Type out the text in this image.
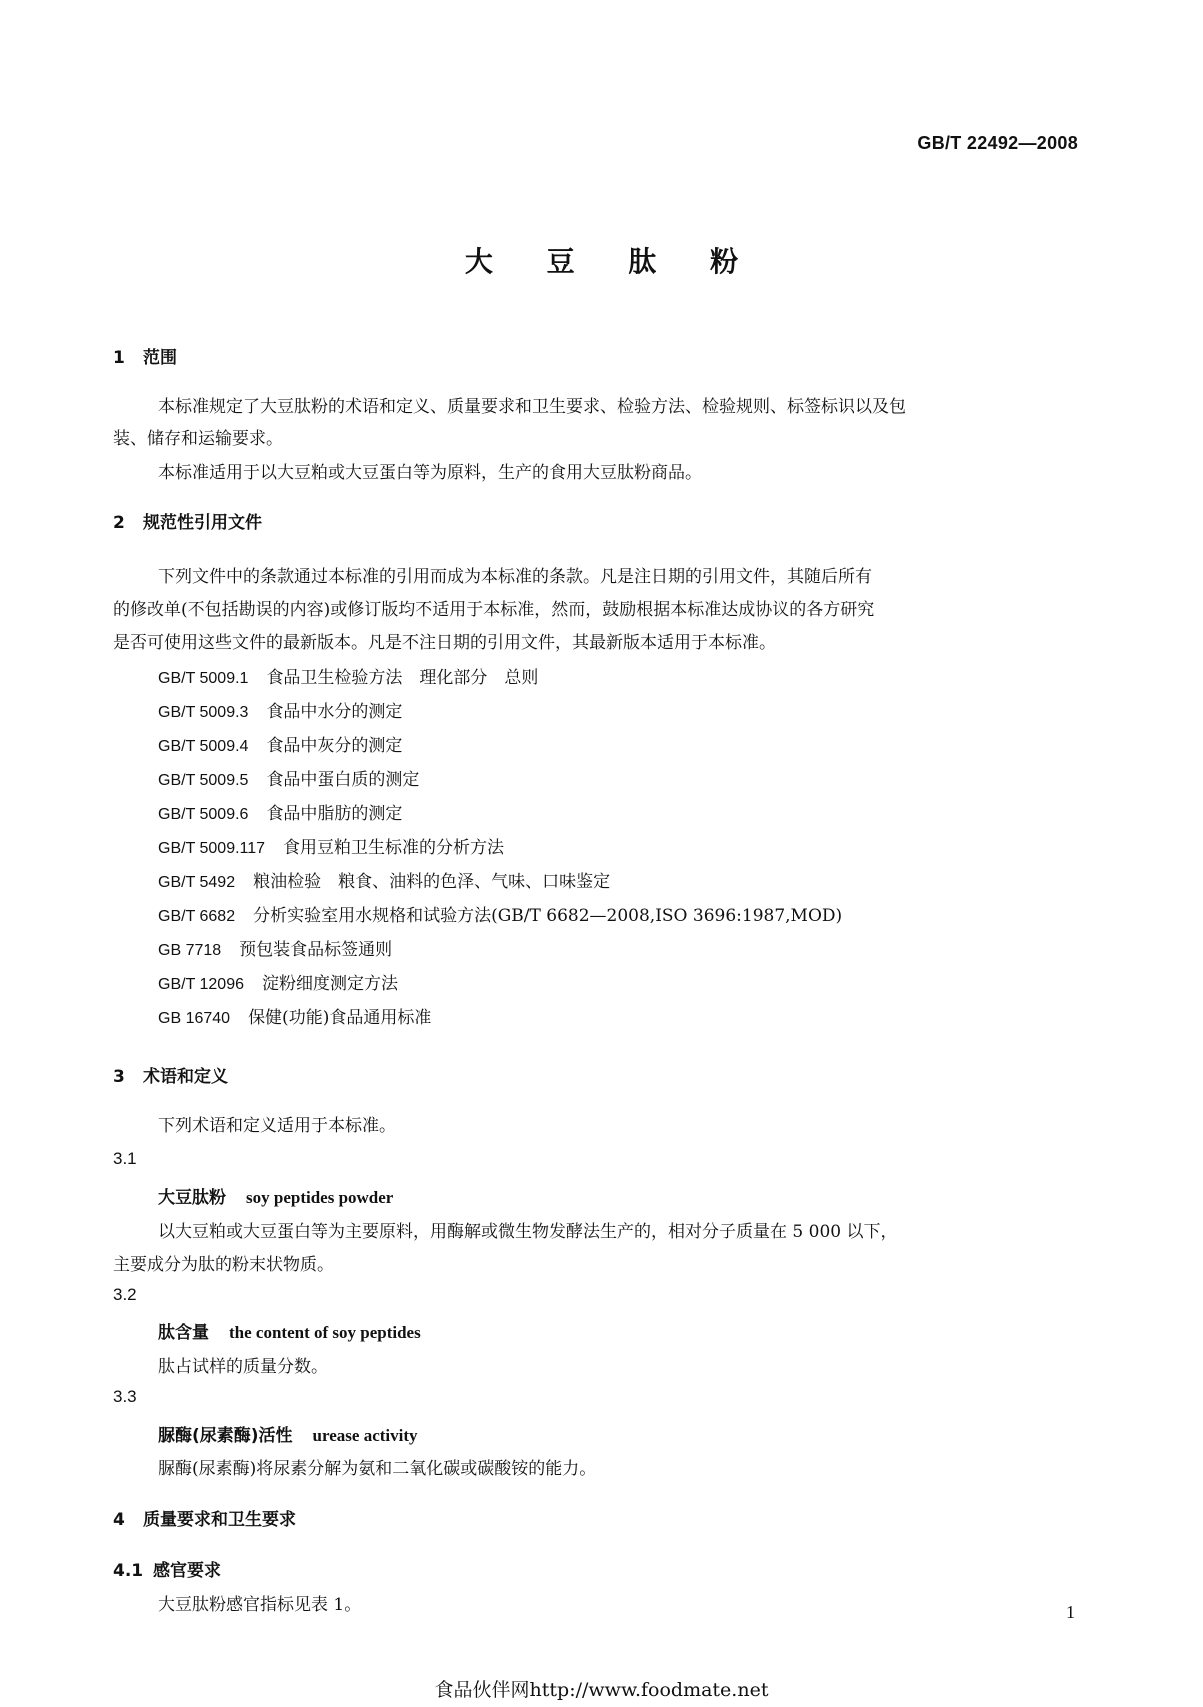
GB/T 22492—2008
大 豆 肽 粉
1 范围
本标准规定了大豆肽粉的术语和定义、质量要求和卫生要求、检验方法、检验规则、标签标识以及包
装、储存和运输要求。
本标准适用于以大豆粕或大豆蛋白等为原料，生产的食用大豆肽粉商品。
2 规范性引用文件
下列文件中的条款通过本标准的引用而成为本标准的条款。凡是注日期的引用文件，其随后所有
的修改单(不包括勘误的内容)或修订版均不适用于本标准，然而，鼓励根据本标准达成协议的各方研究
是否可使用这些文件的最新版本。凡是不注日期的引用文件，其最新版本适用于本标准。
GB/T 5009.1 食品卫生检验方法　理化部分　总则
GB/T 5009.3 食品中水分的测定
GB/T 5009.4 食品中灰分的测定
GB/T 5009.5 食品中蛋白质的测定
GB/T 5009.6 食品中脂肪的测定
GB/T 5009.117 食用豆粕卫生标准的分析方法
GB/T 5492 粮油检验　粮食、油料的色泽、气味、口味鉴定
GB/T 6682 分析实验室用水规格和试验方法(GB/T 6682—2008,ISO 3696:1987,MOD)
GB 7718 预包装食品标签通则
GB/T 12096 淀粉细度测定方法
GB 16740 保健(功能)食品通用标准
3 术语和定义
下列术语和定义适用于本标准。
3.1
大豆肽粉 soy peptides powder
以大豆粕或大豆蛋白等为主要原料，用酶解或微生物发酵法生产的，相对分子质量在 5 000 以下，
主要成分为肽的粉末状物质。
3.2
肽含量 the content of soy peptides
肽占试样的质量分数。
3.3
脲酶(尿素酶)活性 urease activity
脲酶(尿素酶)将尿素分解为氨和二氧化碳或碳酸铵的能力。
4 质量要求和卫生要求
4.1 感官要求
大豆肽粉感官指标见表 1。	1
食品伙伴网http://www.foodmate.net
